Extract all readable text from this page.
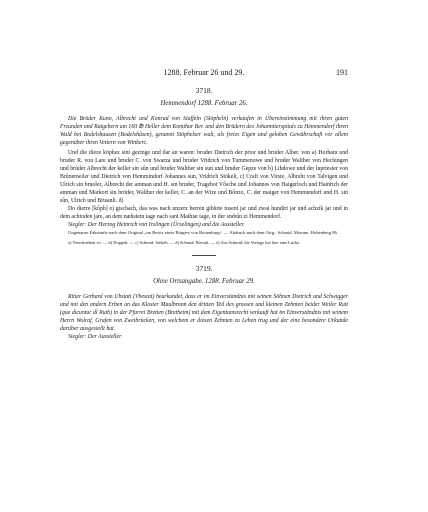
1288. Februar 26 und 29.	191
3718.
Hemmendorf 1288. Februar 26.
Die Brüder Kuno, Albrecht und Konrad von Staffeln (Stöpheln) verkaufen in Übereinstimmung mit ihren guten Freunden und Ratgebern um 160 ℔ Heller dem Komthur Ber. und den Brüdern des Johanniterspitals zu Hemmendorf ihren Wald bei Bodelshausen (Bodelshûsen), genannt Stöphelser walt, als freies Eigen und geloben Gewährschaft vor allem gegenüber ihren Vettern von Winberc.

Und die dieze köphez sint gezinge und dar an waren: bruder Dietrich der prior und bruder Alber. von a) Horhain und bruder R. von Lare und bruder C. von Swarza und bruder Vridrich von Tummenowe und bruder Walther von Hechingen und brůder Albrecht der keller sin sûn und bruder Walther sin sun und bruder Gepze von b) Lihdowe und der lupriester von Brůnenwiler und Dietrich von Hemmindorf Johannes sun, Vridrich Stökeli, c) Craft von Virste, Albreht von Talvigen und Ulrich sin bruoler, Albrecht der amman und H. sin bruder, Tragebot Vôsche und Johannes von Haigerloch und Hainrich der amman und Markort sin bröder, Walther der keller, C. an der Wize und Bônzo, C. der maiger von Hemmendorf und H. sin sûn, Ulrich und Brisanli. d)

Do dierre [kôph] e) gischach, das was nach unzerz herren gibürte tusent jar und zwai hundirt jar und achzik jar und in dem achtoden jare, an dem næhstem tage nach sant Mathiæ tage, in der stubûn zi Hemmendorf.

Siegler: Der Herzog Heinrich von Irslingen (Ürselingen) und die Aussteller.
Ungenaues Faksimile nach dem Original „im Besitz eines Bürgers von Rottenburg“. — Abdruck nach dem Orig.: Schmid, Monum. Hohenberg 86.
a) Verschrieben vo. — b) Doppelt. — c) Schmid: Stekeli. — d) Schmid: Bresuli. — e) Aus Schmid; die Vorlage hat hier eine Lücke.
3719.
Ohne Ortsangabe. 1288. Februar 29.
Ritter Gerhard von Ubstatt (Vbestat) beurkundet, dass er im Einverständnis mit seinen Söhnen Dietrich und Schwigger und mit den andern Erben an das Kloster Maulbronn den dritten Teil des grossen und kleinen Zehnten beider Weiler Ruit (que dicuntur dî Ruth) in der Pfarrei Bretten (Bretheim) mit dem Eigentumsrecht verkauft hat im Einverständnis mit seinem Herrn Wolraf, Grafen von Zweibrücken, von welchem er diesen Zehnten zu Lehen trug und der eine besondere Urkunde darüber ausgestellt hat.
Siegler: Der Aussteller.
